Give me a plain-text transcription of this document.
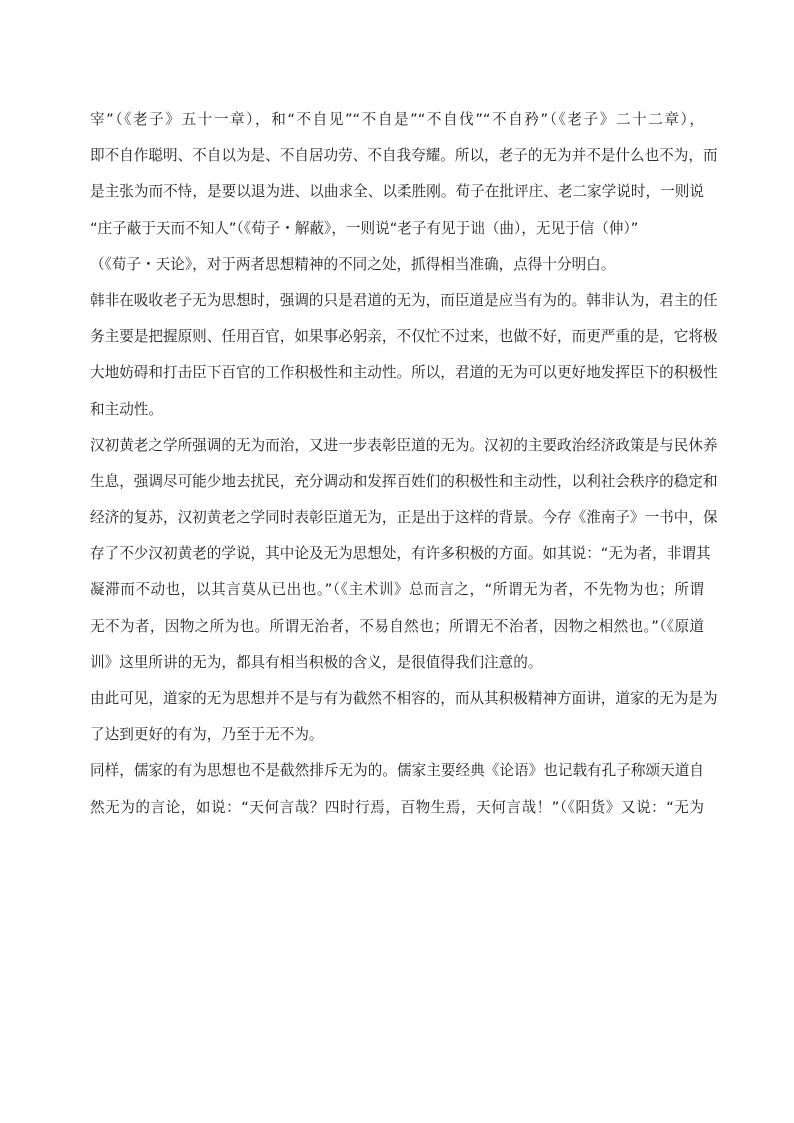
宰”（《老子》五十一章），和“不自见”“不自是”“不自伐”“不自矜”（《老子》二十二章），
即不自作聪明、不自以为是、不自居功劳、不自我夸耀。所以，老子的无为并不是什么也不为，而
是主张为而不恃，是要以退为进、以曲求全、以柔胜刚。荀子在批评庄、老二家学说时，一则说
“庄子蔽于天而不知人”（《荀子・解蔽》，一则说“老子有见于诎（曲），无见于信（伸）”
（《荀子・天论》，对于两者思想精神的不同之处，抓得相当准确，点得十分明白。
韩非在吸收老子无为思想时，强调的只是君道的无为，而臣道是应当有为的。韩非认为，君主的任
务主要是把握原则、任用百官，如果事必躬亲，不仅忙不过来，也做不好，而更严重的是，它将极
大地妨碍和打击臣下百官的工作积极性和主动性。所以，君道的无为可以更好地发挥臣下的积极性
和主动性。
汉初黄老之学所强调的无为而治，又进一步表彰臣道的无为。汉初的主要政治经济政策是与民休养
生息，强调尽可能少地去扰民，充分调动和发挥百姓们的积极性和主动性，以利社会秩序的稳定和
经济的复苏，汉初黄老之学同时表彰臣道无为，正是出于这样的背景。今存《淮南子》一书中，保
存了不少汉初黄老的学说，其中论及无为思想处，有许多积极的方面。如其说：“无为者，非谓其
凝滞而不动也，以其言莫从已出也。”（《主术训》总而言之，“所谓无为者，不先物为也；所谓
无不为者，因物之所为也。所谓无治者，不易自然也；所谓无不治者，因物之相然也。”（《原道
训》这里所讲的无为，都具有相当积极的含义，是很值得我们注意的。
由此可见，道家的无为思想并不是与有为截然不相容的，而从其积极精神方面讲，道家的无为是为
了达到更好的有为，乃至于无不为。
同样，儒家的有为思想也不是截然排斥无为的。儒家主要经典《论语》也记载有孔子称颂天道自
然无为的言论，如说：“天何言哉？四时行焉，百物生焉，天何言哉！”（《阳货》又说：“无为
